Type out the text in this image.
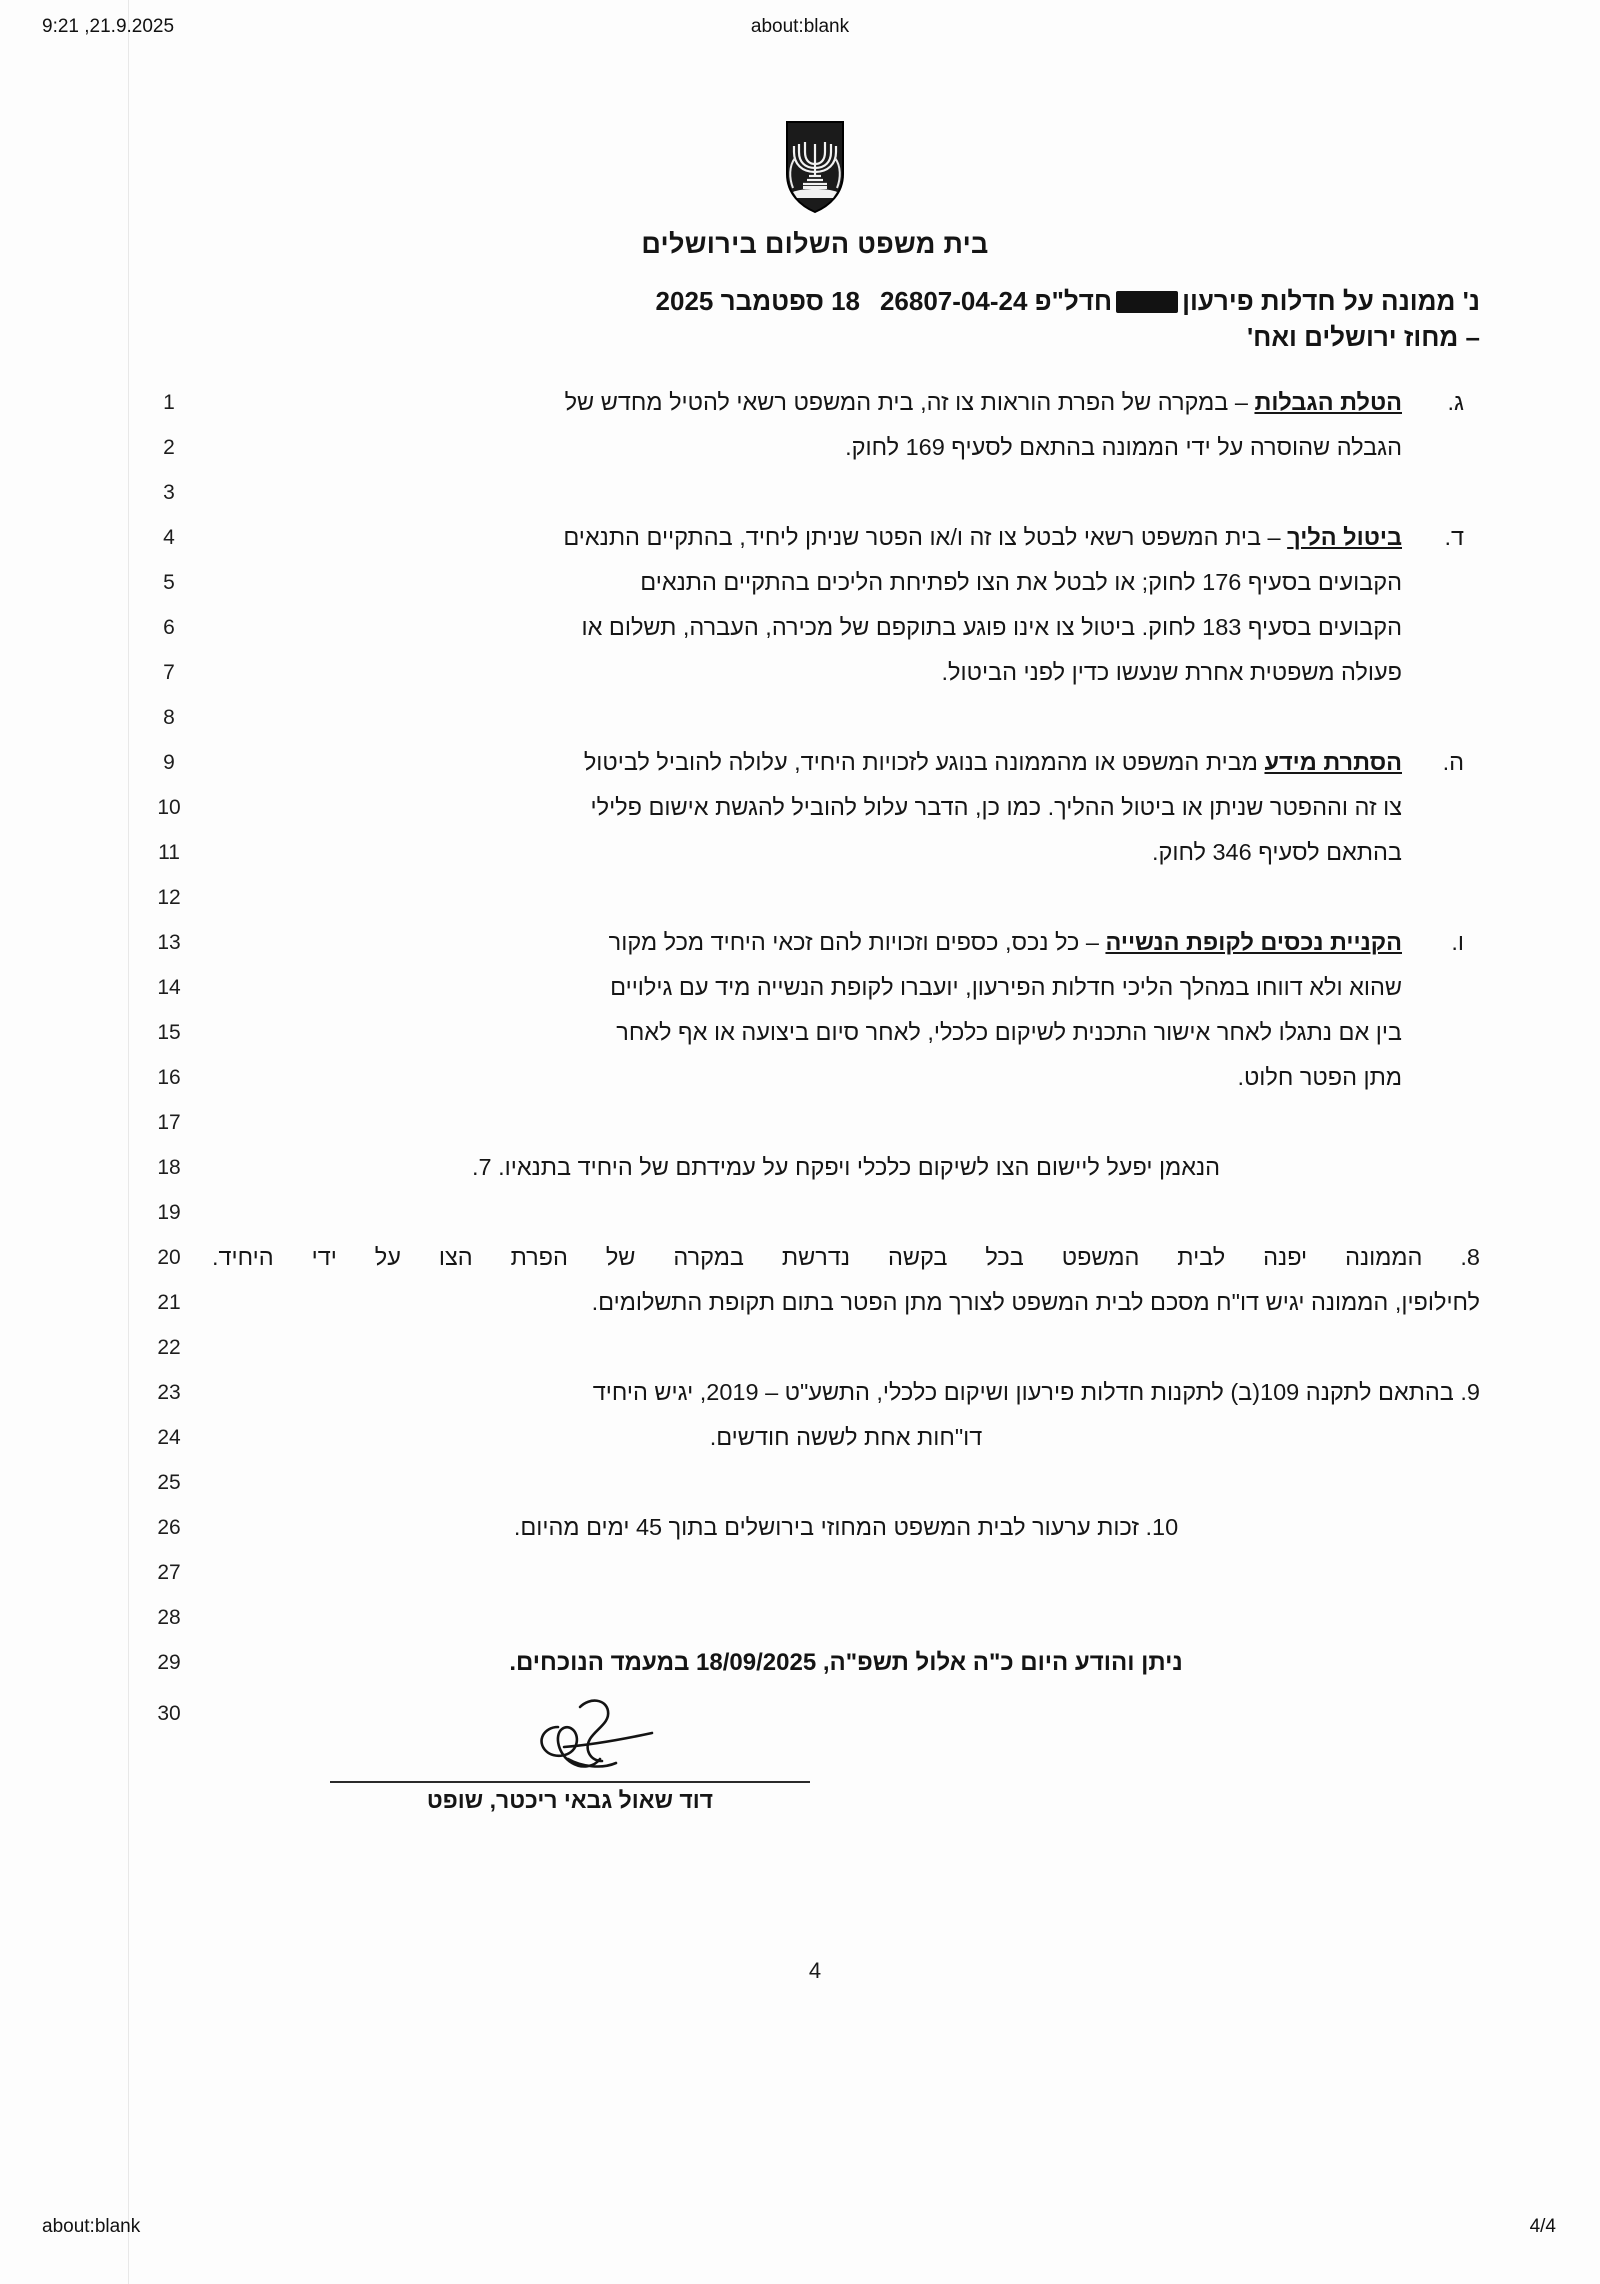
9:21 ,21.9.2025	about:blank
בית משפט השלום בירושלים
18 ספטמבר 2025	נ' ממונה על חדלות פירעוןחדל"פ 26807-04-24
– מחוז ירושלים ואח'
1
2
3
4
5
6
7
8
9
10
11
12
13
14
15
16
17
18
19
20
21
22
23
24
25
26
27
28
29
ג.
הטלת הגבלות – במקרה של הפרת הוראות צו זה, בית המשפט רשאי להטיל מחדש של
הגבלה שהוסרה על ידי הממונה בהתאם לסעיף 169 לחוק.
ד.
ביטול הליך – בית המשפט רשאי לבטל צו זה ו/או הפטר שניתן ליחיד, בהתקיים התנאים
הקבועים בסעיף 176 לחוק; או לבטל את הצו לפתיחת הליכים בהתקיים התנאים
הקבועים בסעיף 183 לחוק. ביטול צו אינו פוגע בתוקפם של מכירה, העברה, תשלום או
פעולה משפטית אחרת שנעשו כדין לפני הביטול.
ה.
הסתרת מידע מבית המשפט או מהממונה בנוגע לזכויות היחיד, עלולה להוביל לביטול
צו זה וההפטר שניתן או ביטול ההליך. כמו כן, הדבר עלול להוביל להגשת אישום פלילי
בהתאם לסעיף 346 לחוק.
ו.
הקניית נכסים לקופת הנשייה – כל נכס, כספים וזכויות להם זכאי היחיד מכל מקור
שהוא ולא דווחו במהלך הליכי חדלות הפירעון, יועברו לקופת הנשייה מיד עם גילויים
בין אם נתגלו לאחר אישור התכנית לשיקום כלכלי, לאחר סיום ביצועה או אף לאחר
מתן הפטר חלוט.
הנאמן יפעל ליישום הצו לשיקום כלכלי ויפקח על עמידתם של היחיד בתנאיו. 7.
8. הממונה יפנה לבית המשפט בכל בקשה נדרשת במקרה של הפרת הצו על ידי היחיד.
לחילופין, הממונה יגיש דו"ח מסכם לבית המשפט לצורך מתן הפטר בתום תקופת התשלומים.
9. בהתאם לתקנה 109(ב) לתקנות חדלות פירעון ושיקום כלכלי, התשע"ט – 2019, יגיש היחיד
דו"חות אחת לששה חודשים.
10. זכות ערעור לבית המשפט המחוזי בירושלים בתוך 45 ימים מהיום.
ניתן והודע היום כ"ה אלול תשפ"ה, 18/09/2025 במעמד הנוכחים.
דוד שאול גבאי ריכטר, שופט
30
4
about:blank	4/4
